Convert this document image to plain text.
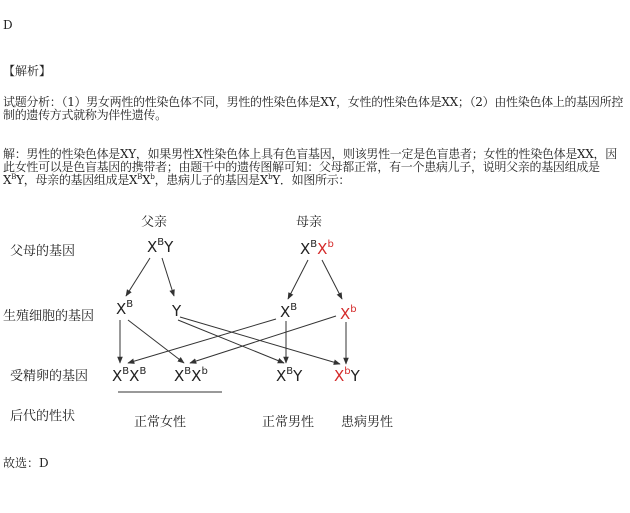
D
【解析】
试题分析：（1）男女两性的性染色体不同，男性的性染色体是XY，女性的性染色体是XX；（2）由性染色体上的基因所控制的遗传方式就称为伴性遗传。
解：男性的性染色体是XY，如果男性X性染色体上具有色盲基因，则该男性一定是色盲患者；女性的性染色体是XX，因此女性可以是色盲基因的携带者；由题干中的遗传图解可知：父母都正常，有一个患病儿子，说明父亲的基因组成是$X^BY$，母亲的基因组成是$X^BX^b$，患病儿子的基因是$X^bY$．如图所示：
父母的基因
生殖细胞的基因
受精卵的基因
后代的性状
父亲	母亲
$X^BY$	$X^BX^b$
$X^B$	Y	$X^B$	$X^b$
$X^BX^B$ $X^BX^b$	$X^BY$ $X^bY$
正常女性	正常男性 患病男性
故选：D
